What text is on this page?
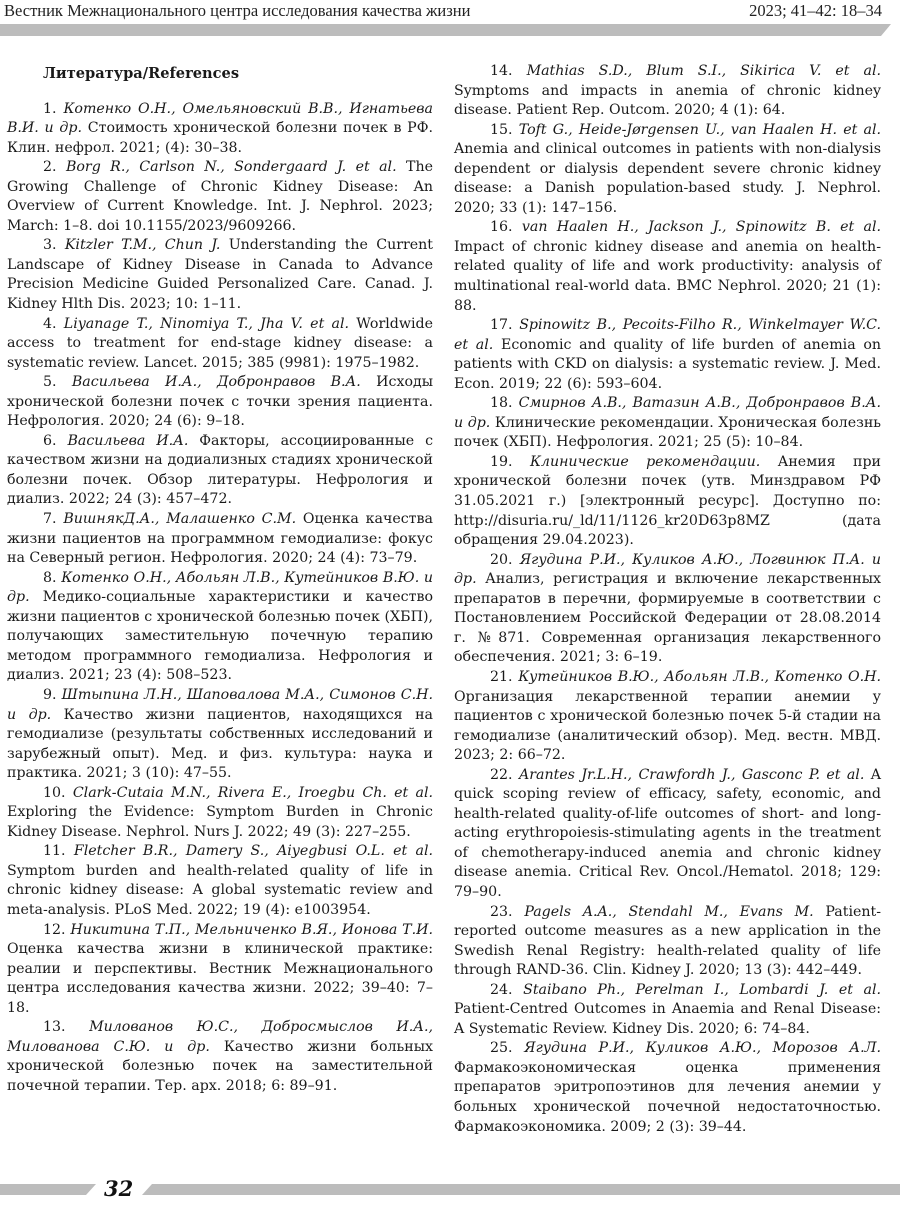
Вестник Межнационального центра исследования качества жизни	2023; 41–42: 18–34
Литература/References

1. Котенко О.Н., Омельяновский В.В., Игнатьева В.И. и др. Стоимость хронической болезни почек в РФ. Клин. нефрол. 2021; (4): 30–38.

2. Borg R., Carlson N., Sondergaard J. et al. The Growing Challenge of Chronic Kidney Disease: An Overview of Current Knowledge. Int. J. Nephrol. 2023; March: 1–8. doi 10.1155/2023/9609266.

3. Kitzler T.M., Chun J. Understanding the Current Landscape of Kidney Disease in Canada to Advance Precision Medicine Guided Personalized Care. Canad. J. Kidney Hlth Dis. 2023; 10: 1–11.

4. Liyanage T., Ninomiya T., Jha V. et al. Worldwide access to treatment for end-stage kidney disease: a systematic review. Lancet. 2015; 385 (9981): 1975–1982.

5. Васильева И.А., Добронравов В.А. Исходы хронической болезни почек с точки зрения пациента. Нефрология. 2020; 24 (6): 9–18.

6. Васильева И.А. Факторы, ассоциированные с качеством жизни на додиализных стадиях хронической болезни почек. Обзор литературы. Нефрология и диализ. 2022; 24 (3): 457–472.

7. ВишнякД.А., Малашенко С.М. Оценка качества жизни пациентов на программном гемодиализе: фокус на Северный регион. Нефрология. 2020; 24 (4): 73–79.

8. Котенко О.Н., Абольян Л.В., Кутейников В.Ю. и др. Медико-социальные характеристики и качество жизни пациентов с хронической болезнью почек (ХБП), получающих заместительную почечную терапию методом программного гемодиализа. Нефрология и диализ. 2021; 23 (4): 508–523.

9. Штыпина Л.Н., Шаповалова М.А., Симонов С.Н. и др. Качество жизни пациентов, находящихся на гемодиализе (результаты собственных исследований и зарубежный опыт). Мед. и физ. культура: наука и практика. 2021; 3 (10): 47–55.

10. Clark-Cutaia M.N., Rivera E., Iroegbu Ch. et al. Exploring the Evidence: Symptom Burden in Chronic Kidney Disease. Nephrol. Nurs J. 2022; 49 (3): 227–255.

11. Fletcher B.R., Damery S., Aiyegbusi O.L. et al. Symptom burden and health-related quality of life in chronic kidney disease: A global systematic review and meta-analysis. PLoS Med. 2022; 19 (4): e1003954.

12. Никитина Т.П., Мельниченко В.Я., Ионова Т.И. Оценка качества жизни в клинической практике: реалии и перспективы. Вестник Межнационального центра исследования качества жизни. 2022; 39–40: 7–18.

13. Милованов Ю.С., Добросмыслов И.А., Милованова С.Ю. и др. Качество жизни больных хронической болезнью почек на заместительной почечной терапии. Тер. арх. 2018; 6: 89–91.

14. Mathias S.D., Blum S.I., Sikirica V. et al. Symptoms and impacts in anemia of chronic kidney disease. Patient Rep. Outcom. 2020; 4 (1): 64.

15. Toft G., Heide-Jørgensen U., van Haalen H. et al. Anemia and clinical outcomes in patients with non-dialysis dependent or dialysis dependent severe chronic kidney disease: a Danish population-based study. J. Nephrol. 2020; 33 (1): 147–156.

16. van Haalen H., Jackson J., Spinowitz B. et al. Impact of chronic kidney disease and anemia on health-related quality of life and work productivity: analysis of multinational real-world data. BMC Nephrol. 2020; 21 (1): 88.

17. Spinowitz B., Pecoits-Filho R., Winkelmayer W.C. et al. Economic and quality of life burden of anemia on patients with CKD on dialysis: a systematic review. J. Med. Econ. 2019; 22 (6): 593–604.

18. Смирнов А.В., Ватазин А.В., Добронравов В.А. и др. Клинические рекомендации. Хроническая болезнь почек (ХБП). Нефрология. 2021; 25 (5): 10–84.

19. Клинические рекомендации. Анемия при хронической болезни почек (утв. Минздравом РФ 31.05.2021 г.) [электронный ресурс]. Доступно по: http://disuria.ru/_ld/11/1126_kr20D63p8MZ (дата обращения 29.04.2023).

20. Ягудина Р.И., Куликов А.Ю., Логвинюк П.А. и др. Анализ, регистрация и включение лекарственных препаратов в перечни, формируемые в соответствии с Постановлением Российской Федерации от 28.08.2014 г. №871. Современная организация лекарственного обеспечения. 2021; 3: 6–19.

21. Кутейников В.Ю., Абольян Л.В., Котенко О.Н. Организация лекарственной терапии анемии у пациентов с хронической болезнью почек 5-й стадии на гемодиализе (аналитический обзор). Мед. вестн. МВД. 2023; 2: 66–72.

22. Arantes Jr.L.H., Crawfordh J., Gasconc P. et al. A quick scoping review of efficacy, safety, economic, and health-related quality-of-life outcomes of short- and long-acting erythropoiesis-stimulating agents in the treatment of chemotherapy-induced anemia and chronic kidney disease anemia. Critical Rev. Oncol./Hematol. 2018; 129: 79–90.

23. Pagels A.A., Stendahl M., Evans M. Patient-reported outcome measures as a new application in the Swedish Renal Registry: health-related quality of life through RAND-36. Clin. Kidney J. 2020; 13 (3): 442–449.

24. Staibano Ph., Perelman I., Lombardi J. et al. Patient-Centred Outcomes in Anaemia and Renal Disease: A Systematic Review. Kidney Dis. 2020; 6: 74–84.

25. Ягудина Р.И., Куликов А.Ю., Морозов А.Л. Фармакоэкономическая оценка применения препаратов эритропоэтинов для лечения анемии у больных хронической почечной недостаточностью. Фармакоэкономика. 2009; 2 (3): 39–44.

32
